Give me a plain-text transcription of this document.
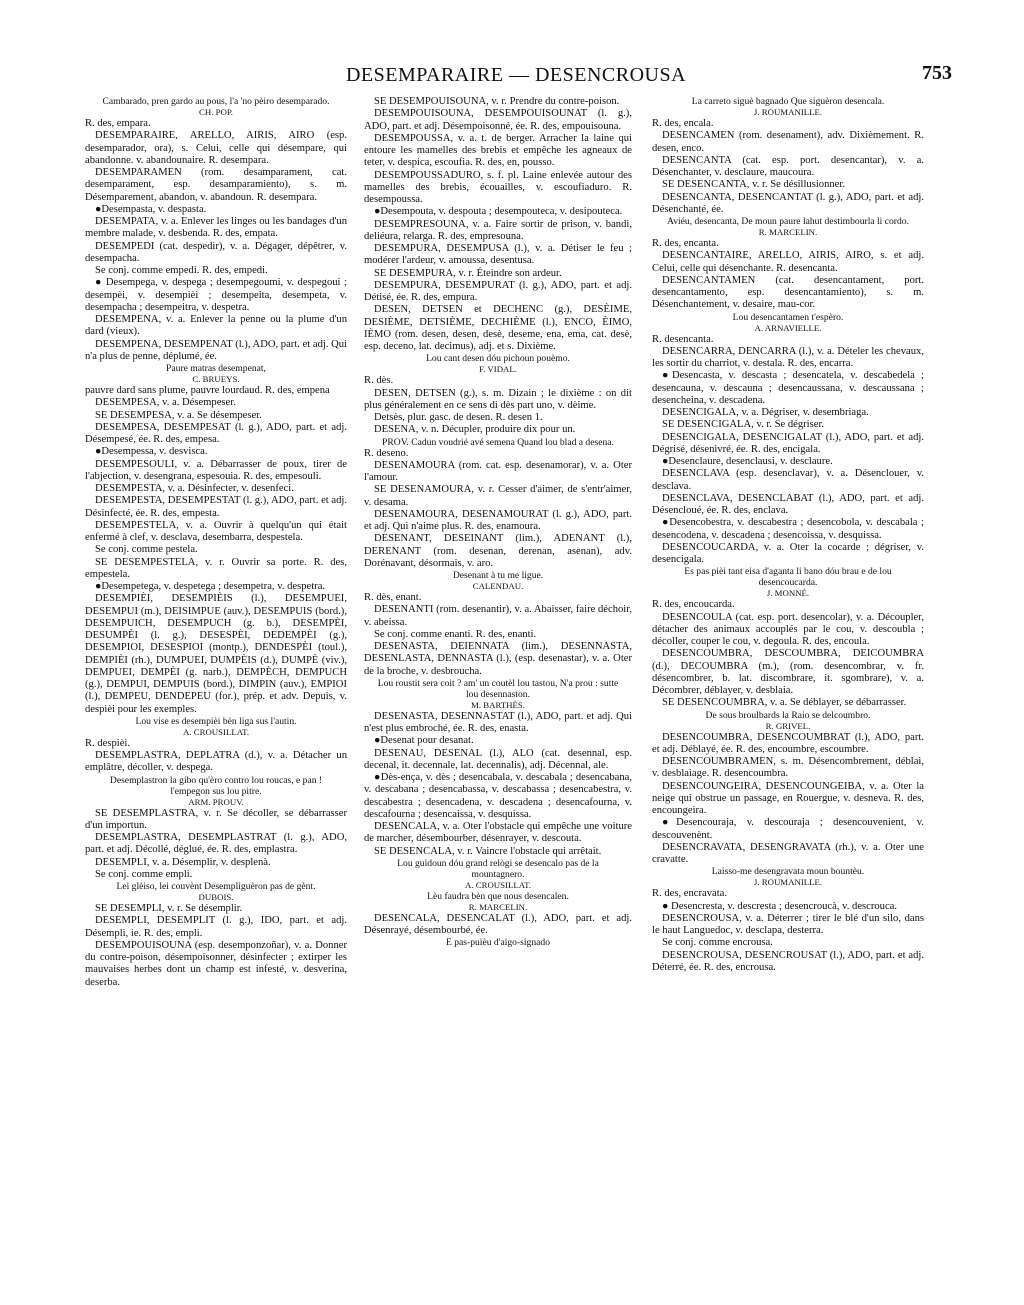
DESEMPARAIRE — DESENCROUSA	753

Cambarado, pren gardo au pous, l'a 'no pèiro desemparado.

CH. POP.

R. des, empara.

DESEMPARAIRE, ARELLO, AIRIS, AIRO (esp. desemparador, ora), s. Celui, celle qui désempare, qui abandonne. v. abandounaire. R. desempara.

DESEMPARAMEN (rom. desamparament, cat. desemparament, esp. desamparamiento), s. m. Désemparement, abandon, v. abandoun. R. desempara.

●Desempasta, v. despasta.

DESEMPATA, v. a. Enlever les linges ou les bandages d'un membre malade, v. desbenda. R. des, empata.

DESEMPEDI (cat. despedir), v. a. Dégager, dépêtrer, v. desempacha.

Se conj. comme empedi. R. des, empedi.

● Desempega, v. despega ; desempegoumi, v. despegoui ; desempèi, v. desempièi ; desempeita, desempeta, v. desempacha ; desempeitra, v. despetra.

DESEMPENA, v. a. Enlever la penne ou la plume d'un dard (vieux).

DESEMPENA, DESEMPENAT (l.), ADO, part. et adj. Qui n'a plus de penne, déplumé, ée.

Paure matras desempenat,

C. BRUEYS.

pauvre dard sans plume, pauvre lourdaud. R. des, empena

DESEMPESA, v. a. Désempeser.

SE DESEMPESA, v. a. Se désempeser.

DESEMPESA, DESEMPESAT (l. g.), ADO, part. et adj. Désempesé, ée. R. des, empesa.

●Desempessa, v. desvisca.

DESEMPESOULI, v. a. Débarrasser de poux, tirer de l'abjection, v. desengrana, espesouia. R. des, empesouli.

DESEMPESTA, v. a. Désinfecter, v. desenfeci.

DESEMPESTA, DESEMPESTAT (l. g.), ADO, part. et adj. Désinfecté, ée. R. des, empesta.

DESEMPESTELA, v. a. Ouvrir à quelqu'un qui était enfermé à clef, v. desclava, desembarra, despestela.

Se conj. comme pestela.

SE DESEMPESTELA, v. r. Ouvrir sa porte. R. des, empestela.

●Desempetega, v. despetega ; desempetra, v. despetra.

DESEMPIÈI, DESEMPIÈIS (l.), DESEMPUEI, DESEMPUI (m.), DEISIMPUE (auv.), DESEMPUIS (bord.), DESEMPUICH, DESEMPUCH (g. b.), DESEMPÈI, DESUMPÈI (l. g.), DESESPÈI, DEDEMPÈI (g.), DESEMPIOI, DESESPIOI (montp.), DENDESPÈI (toul.), DEMPIÈI (rh.), DUMPUEI, DUMPÈIS (d.), DUMPÈ (viv.), DEMPUEI, DEMPÈI (g. narb.), DEMPÈCH, DEMPUCH (g.), DEMPUI, DEMPUIS (bord.), DIMPIN (auv.), EMPIOI (l.), DEMPEU, DENDEPEU (for.), prép. et adv. Depuis, v. despièi pour les exemples.

Lou vise es desempièi bèn liga sus l'autin.

A. CROUSILLAT.

R. despièi.

DESEMPLASTRA, DEPLATRA (d.), v. a. Détacher un emplâtre, décoller, v. despega.

Desemplastron la gibo qu'èro contro lou roucas, e pan ! l'empegon sus lou pitre.

ARM. PROUV.

SE DESEMPLASTRA, v. r. Se décoller, se débarrasser d'un importun.

DESEMPLASTRA, DESEMPLASTRAT (l. g.), ADO, part. et adj. Décollé, déglué, ée. R. des, emplastra.

DESEMPLI, v. a. Désemplir, v. desplenà.

Se conj. comme empli.

Lei glèiso, lei couvènt Desempliguèron pas de gènt.

DUBOIS.

SE DESEMPLI, v. r. Se désemplir.

DESEMPLI, DESEMPLIT (l. g.), IDO, part. et adj. Désempli, ie. R. des, empli.

DESEMPOUISOUNA (esp. desemponzoñar), v. a. Donner du contre-poison, désempoisonner, désinfecter ; extirper les mauvaises herbes dont un champ est infesté, v. desverina, deserba.

SE DESEMPOUISOUNA, v. r. Prendre du contre-poison.

DESEMPOUISOUNA, DESEMPOUISOUNAT (l. g.), ADO, part. et adj. Désempoisonné, ée. R. des, empouisouna.

DESEMPOUSSA, v. a. t. de berger. Arracher la laine qui entoure les mamelles des brebis et empêche les agneaux de teter, v. despica, escoufia. R. des, en, pousso.

DESEMPOUSSADURO, s. f. pl. Laine enlevée autour des mamelles des brebis, écouailles, v. escoufiaduro. R. desempoussa.

●Desempouta, v. despouta ; desempouteca, v. desipouteca.

DESEMPRESOUNA, v. a. Faire sortir de prison, v. bandi, deliéura, relarga. R. des, empresouna.

DESEMPURA, DESEMPUSA (l.), v. a. Détiser le feu ; modérer l'ardeur, v. amoussa, desentusa.

SE DESEMPURA, v. r. Éteindre son ardeur.

DESEMPURA, DESEMPURAT (l. g.), ADO, part. et adj. Détisé, ée. R. des, empura.

DESEN, DETSEN et DECHENC (g.), DESÈIME, DESIÈME, DETSIÈME, DECHIÈME (l.), ENCO, ÈIMO, IÈMO (rom. desen, desen, desè, deseme, ena, ema, cat. desè, esp. deceno, lat. decimus), adj. et s. Dixième.

Lou cant desen dóu pichoun pouèmo.

F. VIDAL.

R. dès.

DESEN, DETSEN (g.), s. m. Dizain ; le dixième : on dit plus généralement en ce sens di dès part uno, v. dèime.

Detsès, plur. gasc. de desen. R. desen 1.

DESENA, v. n. Décupler, produire dix pour un.

PROV. Cadun voudrié avé semena Quand lou blad a desena.

R. deseno.

DESENAMOURA (rom. cat. esp. desenamorar), v. a. Oter l'amour.

SE DESENAMOURA, v. r. Cesser d'aimer, de s'entr'aimer, v. desama.

DESENAMOURA, DESENAMOURAT (l. g.), ADO, part. et adj. Qui n'aime plus. R. des, enamoura.

DESENANT, DESEINANT (lim.), ADENANT (l.), DERENANT (rom. desenan, derenan, asenan), adv. Dorénavant, désormais, v. aro.

Desenant à tu me ligue.

CALENDAU.

R. dès, enant.

DESENANTI (rom. desenantir), v. a. Abaisser, faire déchoir, v. abeissa.

Se conj. comme enanti. R. des, enanti.

DESENASTA, DEIENNATA (lim.), DESENNASTA, DESENLASTA, DENNASTA (l.), (esp. desenastar), v. a. Oter de la broche, v. desbroucha.

Lou roustit sera coit ? am' un coutèl lou tastou, N'a prou : sutte lou desennaston.

M. BARTHÉS.

DESENASTA, DESENNASTAT (l.), ADO, part. et adj. Qui n'est plus embroché, ée. R. des, enasta.

●Desenat pour desanat.

DESENAU, DESENAL (l.), ALO (cat. desennal, esp. decenal, it. decennale, lat. decennalis), adj. Décennal, ale.

●Dès-ença, v. dès ; desencabala, v. descabala ; desencabana, v. descabana ; desencabassa, v. descabassa ; desencabestra, v. descabestra ; desencadena, v. descadena ; desencafourna, v. descafourna ; desencaissa, v. desquissa.

DESENCALA, v. a. Oter l'obstacle qui empêche une voiture de marcher, désembourber, désenrayer, v. descouta.

SE DESENCALA, v. r. Vaincre l'obstacle qui arrêtait.

Lou guidoun dóu grand relògi se desencalo pas de la mountagnero.

A. CROUSILLAT.

Lèu faudra bèn que nous desencalen.

R. MARCELIN.

DESENCALA, DESENCALAT (l.), ADO, part. et adj. Désenrayé, désembourbé, ée.

E pas-puièu d'aigo-signado

La carreto siguè bagnado Que siguèron desencala.

J. ROUMANILLE.

R. des, encala.

DESENCAMEN (rom. desenament), adv. Dixièmement. R. desen, enco.

DESENCANTA (cat. esp. port. desencantar), v. a. Désenchanter, v. desclaure, maucoura.

SE DESENCANTA, v. r. Se désillusionner.

DESENCANTA, DESENCANTAT (l. g.), ADO, part. et adj. Désenchanté, ée.

Aviéu, desencanta, De moun paure lahut destimbourla li cordo.

R. MARCELIN.

R. des, encanta.

DESENCANTAIRE, ARELLO, AIRIS, AIRO, s. et adj. Celui, celle qui désenchante. R. desencanta.

DESENCANTAMEN (cat. desencantament, port. desencantamento, esp. desencantamiento), s. m. Désenchantement, v. desaire, mau-cor.

Lou desencantamen t'espèro.

A. ARNAVIELLE.

R. desencanta.

DESENCARRA, DENCARRA (l.), v. a. Dételer les chevaux, les sortir du charriot, v. destala. R. des, encarra.

●Desencasta, v. descasta ; desencatela, v. descabedela ; desencauna, v. descauna ; desencaussana, v. descaussana ; desencheina, v. descadena.

DESENCIGALA, v. a. Dégriser, v. desembriaga.

SE DESENCIGALA, v. r. Se dégriser.

DESENCIGALA, DESENCIGALAT (l.), ADO, part. et adj. Dégrisé, désenivré, ée. R. des, encigala.

●Desenclaure, desenclausi, v. desclaure.

DESENCLAVA (esp. desenclavar), v. a. Désenclouer, v. desclava.

DESENCLAVA, DESENCLABAT (l.), ADO, part. et adj. Désencloué, ée. R. des, enclava.

●Desencobestra, v. descabestra ; desencobola, v. descabala ; desencodena, v. descadena ; desencoissa, v. desquissa.

DESENCOUCARDA, v. a. Oter la cocarde ; dégriser, v. desencigala.

Es pas pièi tant eisa d'aganta li bano dóu brau e de lou desencoucarda.

J. MONNÉ.

R. des, encoucarda.

DESENCOULA (cat. esp. port. desencolar), v. a. Découpler, détacher des animaux accouplés par le cou, v. descoubla ; décoller, couper le cou, v. degoula. R. des, encoula.

DESENCOUMBRA, DESCOUMBRA, DEICOUMBRA (d.), DECOUMBRA (m.), (rom. desencombrar, v. fr. désencombrer, b. lat. discombrare, it. sgombrare), v. a. Décombrer, déblayer, v. desblaia.

SE DESENCOUMBRA, v. a. Se déblayer, se débarrasser.

De sous broulbards la Raio se delcoumbro.

R. GRIVEL.

DESENCOUMBRA, DESENCOUMBRAT (l.), ADO, part. et adj. Déblayé, ée. R. des, encoumbre, escoumbre.

DESENCOUMBRAMEN, s. m. Désencombrement, déblai, v. desblaiage. R. desencoumbra.

DESENCOUNGEIRA, DESENCOUNGEIBA, v. a. Oter la neige qui obstrue un passage, en Rouergue, v. desneva. R. des, encoungeira.

●Desencouraja, v. descouraja ; desencouvenient, v. descouvenènt.

DESENCRAVATA, DESENGRAVATA (rh.), v. a. Oter une cravatte.

Laisso-me desengravata moun bountèu.

J. ROUMANILLE.

R. des, encravata.

● Desencresta, v. descresta ; desencroucà, v. descrouca.

DESENCROUSA, v. a. Déterrer ; tirer le blé d'un silo, dans le haut Languedoc, v. desclapa, desterra.

Se conj. comme encrousa.

DESENCROUSA, DESENCROUSAT (l.), ADO, part. et adj. Déterré, ée. R. des, encrousa.
